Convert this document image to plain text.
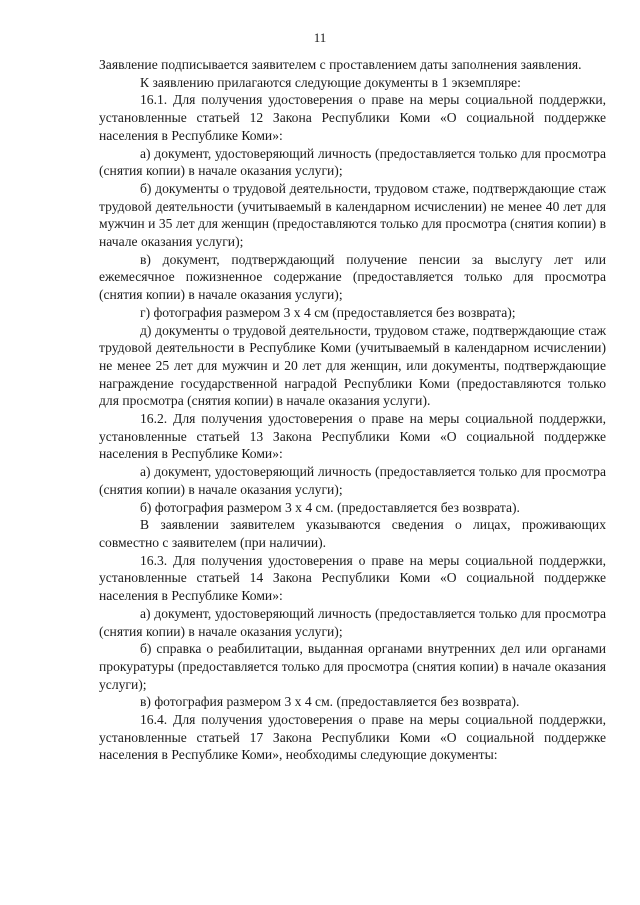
11

Заявление подписывается заявителем с проставлением даты заполнения заявления.

К заявлению прилагаются следующие документы в 1 экземпляре:

16.1. Для получения удостоверения о праве на меры социальной поддержки, установленные статьей 12 Закона Республики Коми «О социальной поддержке населения в Республике Коми»:

а) документ, удостоверяющий личность (предоставляется только для просмотра (снятия копии) в начале оказания услуги);

б) документы о трудовой деятельности, трудовом стаже, подтверждающие стаж трудовой деятельности (учитываемый в календарном исчислении) не менее 40 лет для мужчин и 35 лет для женщин (предоставляются только для просмотра (снятия копии) в начале оказания услуги);

в) документ, подтверждающий получение пенсии за выслугу лет или ежемесячное пожизненное содержание (предоставляется только для просмотра (снятия копии) в начале оказания услуги);

г) фотография размером 3 х 4 см (предоставляется без возврата);

д) документы о трудовой деятельности, трудовом стаже, подтверждающие стаж трудовой деятельности в Республике Коми (учитываемый в календарном исчислении) не менее 25 лет для мужчин и 20 лет для женщин, или документы, подтверждающие награждение государственной наградой Республики Коми (предоставляются только для просмотра (снятия копии) в начале оказания услуги).

16.2. Для получения удостоверения о праве на меры социальной поддержки, установленные статьей 13 Закона Республики Коми «О социальной поддержке населения в Республике Коми»:

а) документ, удостоверяющий личность (предоставляется только для просмотра (снятия копии) в начале оказания услуги);

б) фотография размером 3 х 4 см. (предоставляется без возврата).

В заявлении заявителем указываются сведения о лицах, проживающих совместно с заявителем (при наличии).

16.3. Для получения удостоверения о праве на меры социальной поддержки, установленные статьей 14 Закона Республики Коми «О социальной поддержке населения в Республике Коми»:

а) документ, удостоверяющий личность (предоставляется только для просмотра (снятия копии) в начале оказания услуги);

б) справка о реабилитации, выданная органами внутренних дел или органами прокуратуры (предоставляется только для просмотра (снятия копии) в начале оказания услуги);

в) фотография размером 3 х 4 см. (предоставляется без возврата).

16.4. Для получения удостоверения о праве на меры социальной поддержки, установленные статьей 17 Закона Республики Коми «О социальной поддержке населения в Республике Коми», необходимы следующие документы:
